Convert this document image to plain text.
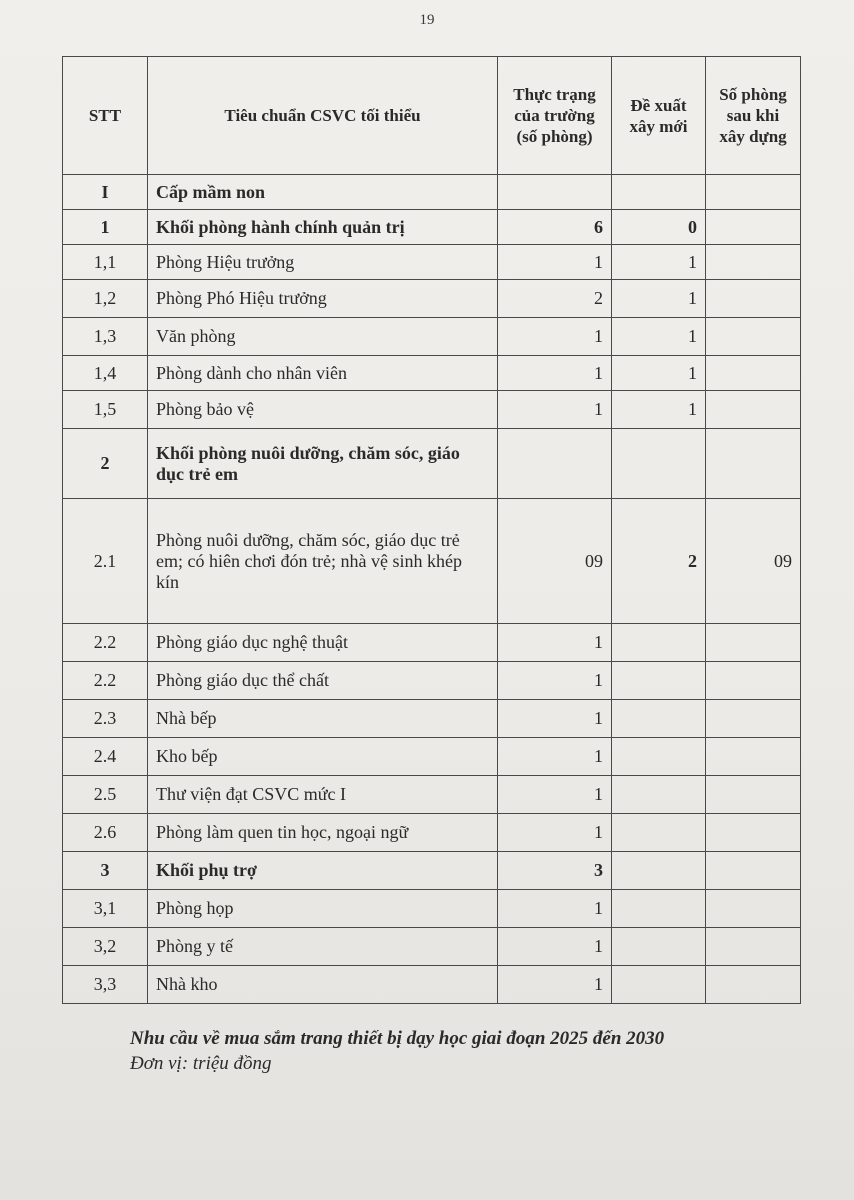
19
STT	Tiêu chuẩn CSVC tối thiểu	Thực trạng của trường (số phòng)	Đề xuất xây mới	Số phòng sau khi xây dựng
I	Cấp mầm non			
1	Khối phòng hành chính quản trị	6	0	
1,1	Phòng Hiệu trưởng	1	1	
1,2	Phòng Phó Hiệu trưởng	2	1	
1,3	Văn phòng	1	1	
1,4	Phòng dành cho nhân viên	1	1	
1,5	Phòng bảo vệ	1	1	
2	Khối phòng nuôi dưỡng, chăm sóc, giáo dục trẻ em			
2.1	Phòng nuôi dưỡng, chăm sóc, giáo dục trẻ em; có hiên chơi đón trẻ; nhà vệ sinh khép kín	09	2	09
2.2	Phòng giáo dục nghệ thuật	1		
2.2	Phòng giáo dục thể chất	1		
2.3	Nhà bếp	1		
2.4	Kho bếp	1		
2.5	Thư viện đạt CSVC mức I	1		
2.6	Phòng làm quen tin học, ngoại ngữ	1		
3	Khối phụ trợ	3		
3,1	Phòng họp	1		
3,2	Phòng y tế	1		
3,3	Nhà kho	1		
Nhu cầu về mua sắm trang thiết bị dạy học giai đoạn 2025 đến 2030
Đơn vị: triệu đồng
